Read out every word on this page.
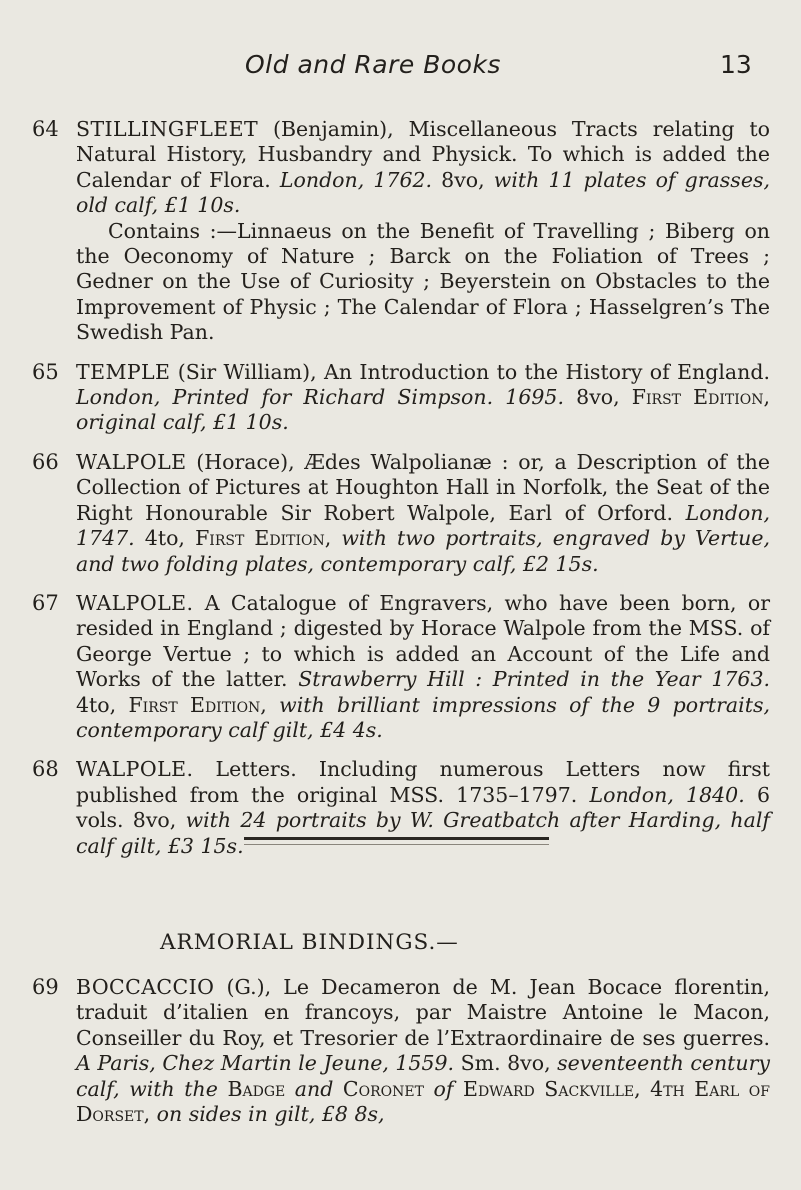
Old and Rare Books	13
64 STILLINGFLEET (Benjamin), Miscellaneous Tracts relating to Natural History, Husbandry and Physick. To which is added the Calendar of Flora. London, 1762. 8vo, with 11 plates of grasses, old calf, £1 10s.

Contains :—Linnaeus on the Benefit of Travelling ; Biberg on the Oeconomy of Nature ; Barck on the Foliation of Trees ; Gedner on the Use of Curiosity ; Beyerstein on Obstacles to the Improvement of Physic ; The Calendar of Flora ; Hasselgren’s The Swedish Pan.

65 TEMPLE (Sir William), An Introduction to the History of England. London, Printed for Richard Simpson. 1695. 8vo, First Edition, original calf, £1 10s.

66 WALPOLE (Horace), Ædes Walpolianæ : or, a Description of the Collection of Pictures at Houghton Hall in Norfolk, the Seat of the Right Honourable Sir Robert Walpole, Earl of Orford. London, 1747. 4to, First Edition, with two portraits, engraved by Vertue, and two folding plates, contemporary calf, £2 15s.

67 WALPOLE. A Catalogue of Engravers, who have been born, or resided in England ; digested by Horace Walpole from the MSS. of George Vertue ; to which is added an Account of the Life and Works of the latter. Strawberry Hill : Printed in the Year 1763. 4to, First Edition, with brilliant impressions of the 9 portraits, contemporary calf gilt, £4 4s.

68 WALPOLE. Letters. Including numerous Letters now first published from the original MSS. 1735–1797. London, 1840. 6 vols. 8vo, with 24 portraits by W. Greatbatch after Harding, half calf gilt, £3 15s.

ARMORIAL BINDINGS.—
69 BOCCACCIO (G.), Le Decameron de M. Jean Bocace florentin, traduit d’italien en francoys, par Maistre Antoine le Macon, Conseiller du Roy, et Tresorier de l’Extraordinaire de ses guerres. A Paris, Chez Martin le Jeune, 1559. Sm. 8vo, seventeenth century calf, with the Badge and Coronet of Edward Sackville, 4th Earl of Dorset, on sides in gilt, £8 8s,
